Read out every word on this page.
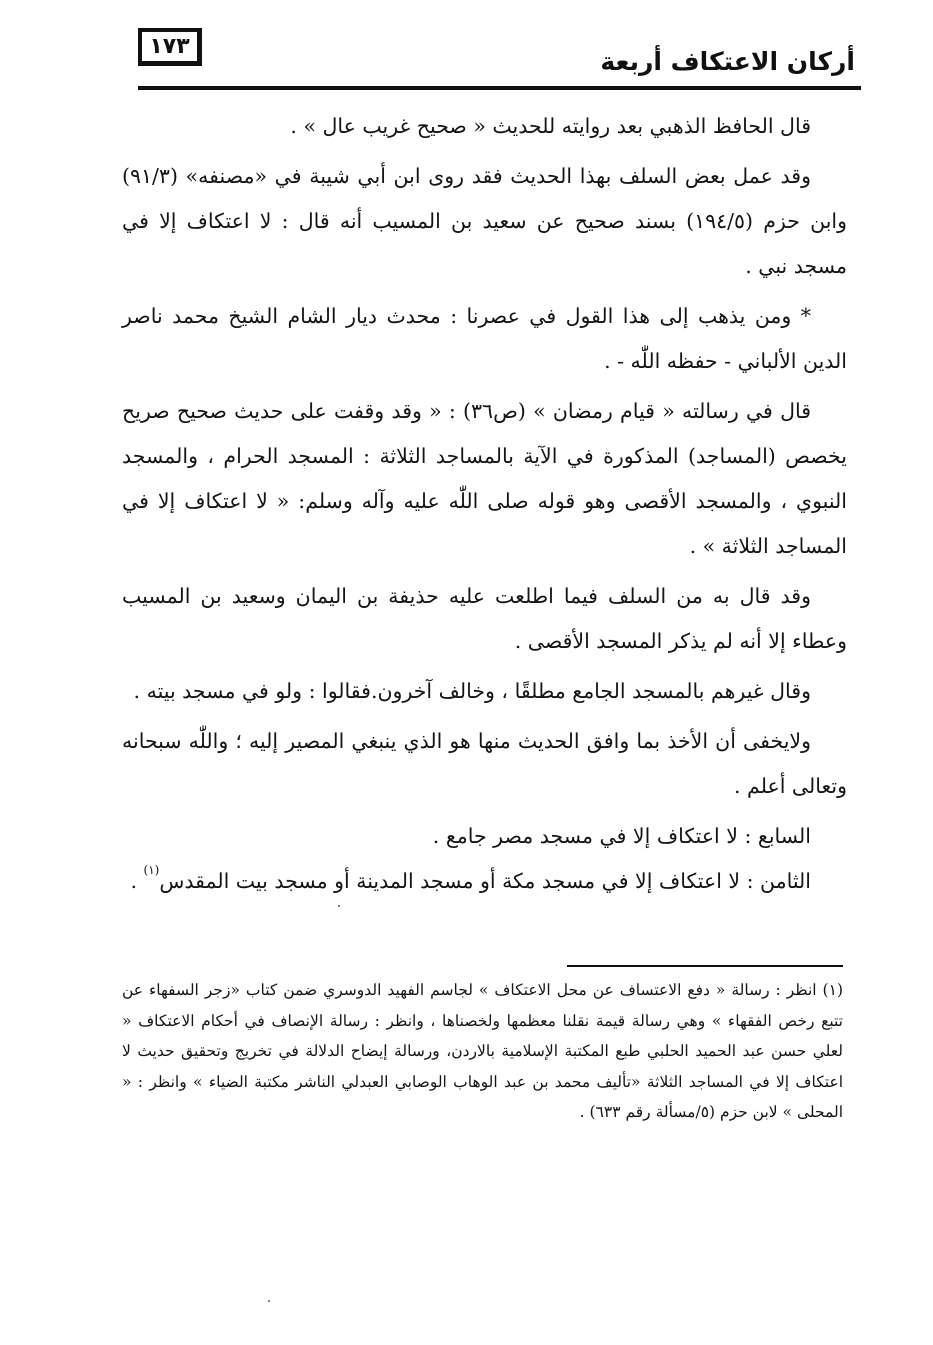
أركان الاعتكاف أربعة
١٧٣

قال الحافظ الذهبي بعد روايته للحديث « صحيح غريب عال » .

وقد عمل بعض السلف بهذا الحديث فقد روى ابن أبي شيبة في «مصنفه» (٩١/٣) وابن حزم (١٩٤/٥) بسند صحيح عن سعيد بن المسيب أنه قال : لا اعتكاف إلا في مسجد نبي .

* ومن يذهب إلى هذا القول في عصرنا : محدث ديار الشام الشيخ محمد ناصر الدين الألباني - حفظه اللّٰه - .

قال في رسالته « قيام رمضان » (ص٣٦) : « وقد وقفت على حديث صحيح صريح يخصص (المساجد) المذكورة في الآية بالمساجد الثلاثة : المسجد الحرام ، والمسجد النبوي ، والمسجد الأقصى وهو قوله صلى اللّٰه عليه وآله وسلم: « لا اعتكاف إلا في المساجد الثلاثة » .

وقد قال به من السلف فيما اطلعت عليه حذيفة بن اليمان وسعيد بن المسيب وعطاء إلا أنه لم يذكر المسجد الأقصى .

وقال غيرهم بالمسجد الجامع مطلقًا ، وخالف آخرون.فقالوا : ولو في مسجد بيته .

ولايخفى أن الأخذ بما وافق الحديث منها هو الذي ينبغي المصير إليه ؛ واللّٰه سبحانه وتعالى أعلم .

السابع : لا اعتكاف إلا في مسجد مصر جامع .

الثامن : لا اعتكاف إلا في مسجد مكة أو مسجد المدينة أو مسجد بيت المقدس$^{(١)}$ .

(١) انظر : رسالة « دفع الاعتساف عن محل الاعتكاف » لجاسم الفهيد الدوسري ضمن كتاب «زجر السفهاء عن تتبع رخص الفقهاء » وهي رسالة قيمة نقلنا معظمها ولخصناها ، وانظر : رسالة الإنصاف في أحكام الاعتكاف « لعلي حسن عبد الحميد الحلبي طبع المكتبة الإسلامية بالاردن، ورسالة إيضاح الدلالة في تخريج وتحقيق حديث لا اعتكاف إلا في المساجد الثلاثة «تأليف محمد بن عبد الوهاب الوصابي العبدلي الناشر مكتبة الضياء » وانظر : « المحلى » لابن حزم (٥/مسألة رقم ٦٣٣) .
